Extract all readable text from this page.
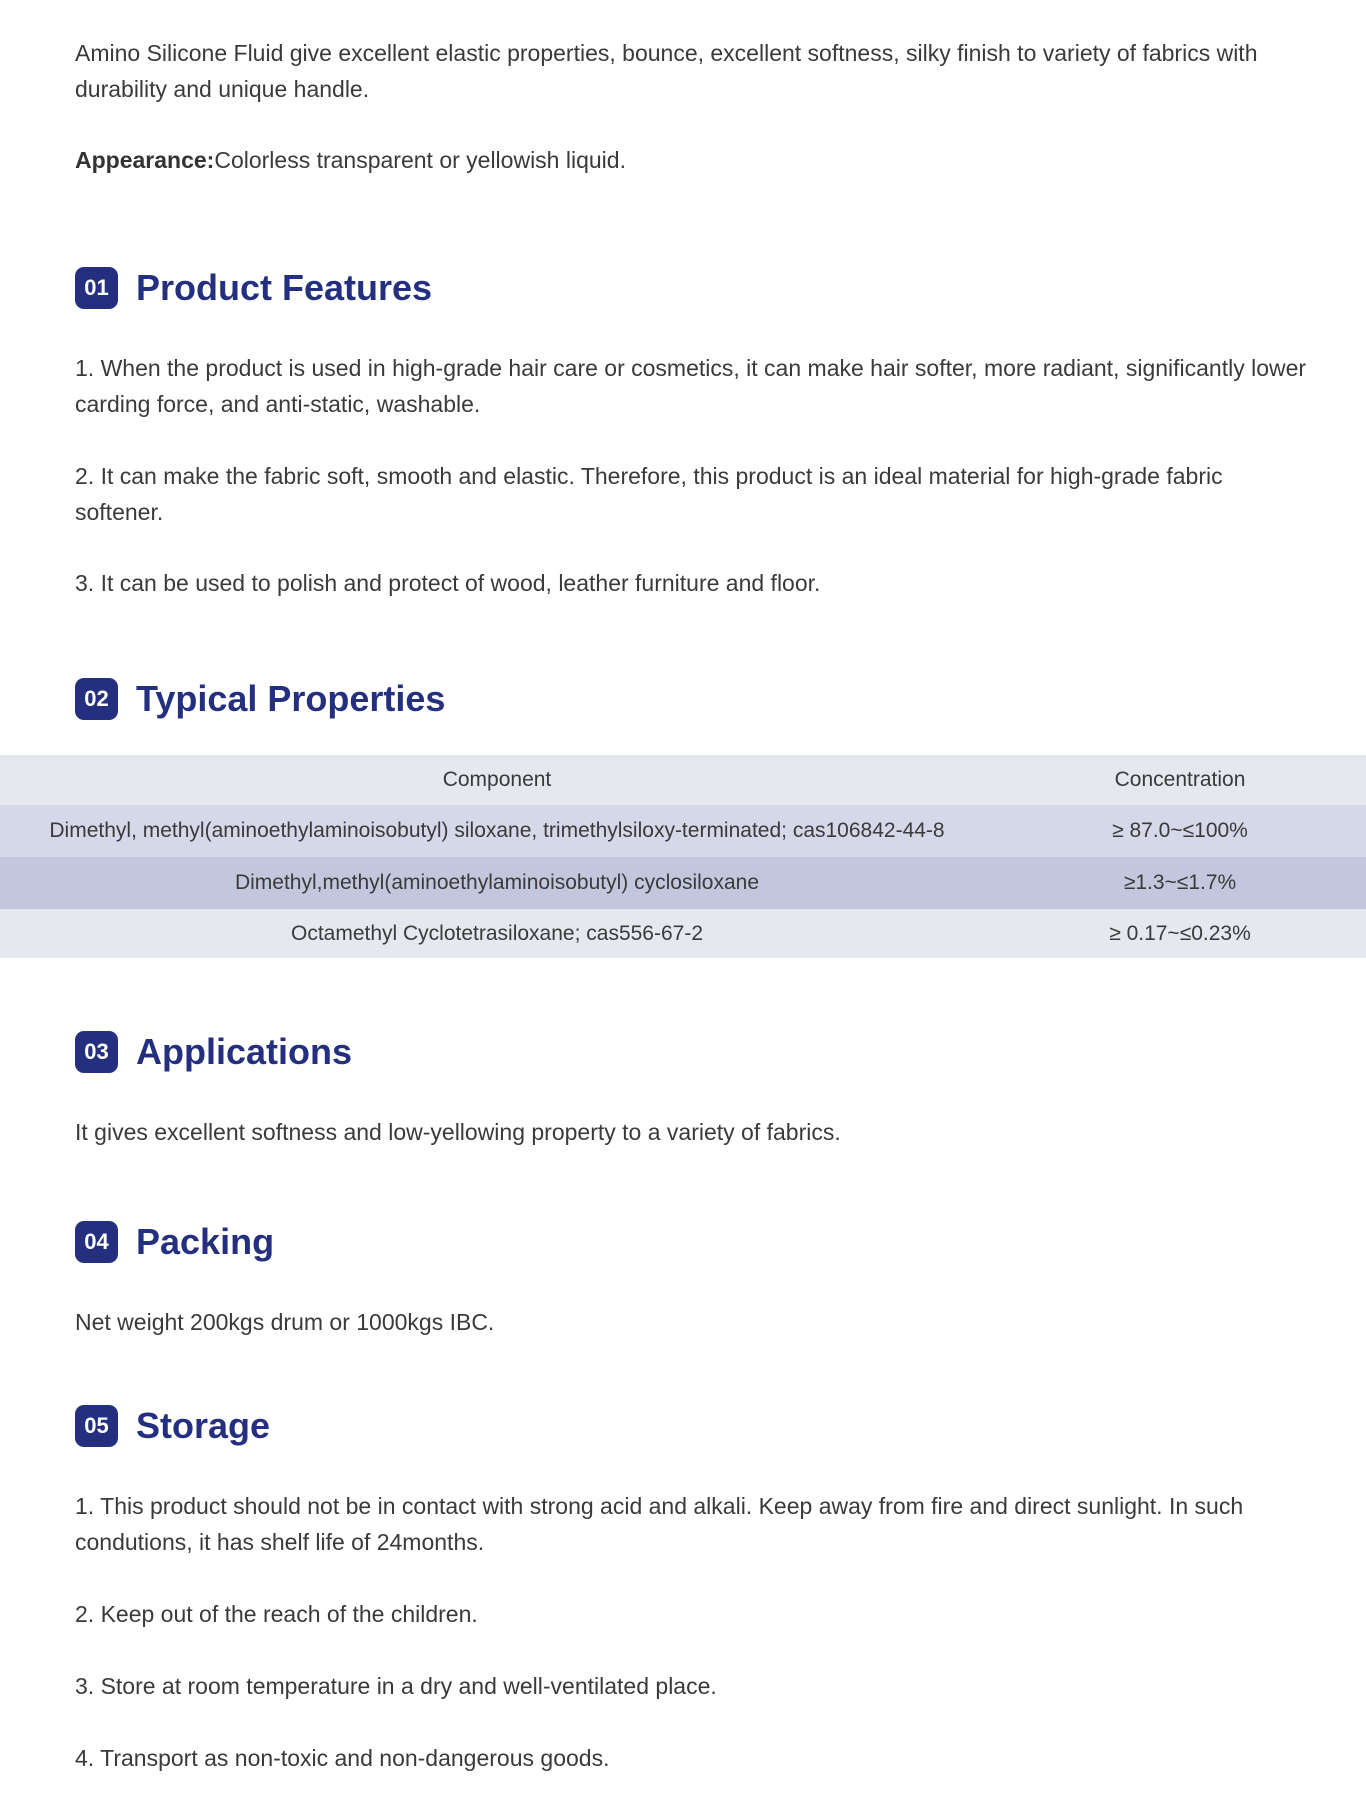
Amino Silicone Fluid give excellent elastic properties, bounce, excellent softness, silky finish to variety of fabrics with durability and unique handle.

Appearance:Colorless transparent or yellowish liquid.

01 Product Features

1. When the product is used in high-grade hair care or cosmetics, it can make hair softer, more radiant, significantly lower carding force, and anti-static, washable.

2. It can make the fabric soft, smooth and elastic. Therefore, this product is an ideal material for high-grade fabric softener.

3. It can be used to polish and protect of wood, leather furniture and floor.

02 Typical Properties
Component	Concentration
Dimethyl, methyl(aminoethylaminoisobutyl) siloxane, trimethylsiloxy-terminated; cas106842-44-8	≥ 87.0~≤100%
Dimethyl,methyl(aminoethylaminoisobutyl) cyclosiloxane	≥1.3~≤1.7%
Octamethyl Cyclotetrasiloxane; cas556-67-2	≥ 0.17~≤0.23%
03 Applications

It gives excellent softness and low-yellowing property to a variety of fabrics.

04 Packing

Net weight 200kgs drum or 1000kgs IBC.

05 Storage

1. This product should not be in contact with strong acid and alkali. Keep away from fire and direct sunlight. In such condutions, it has shelf life of 24months.

2. Keep out of the reach of the children.

3. Store at room temperature in a dry and well-ventilated place.

4. Transport as non-toxic and non-dangerous goods.
